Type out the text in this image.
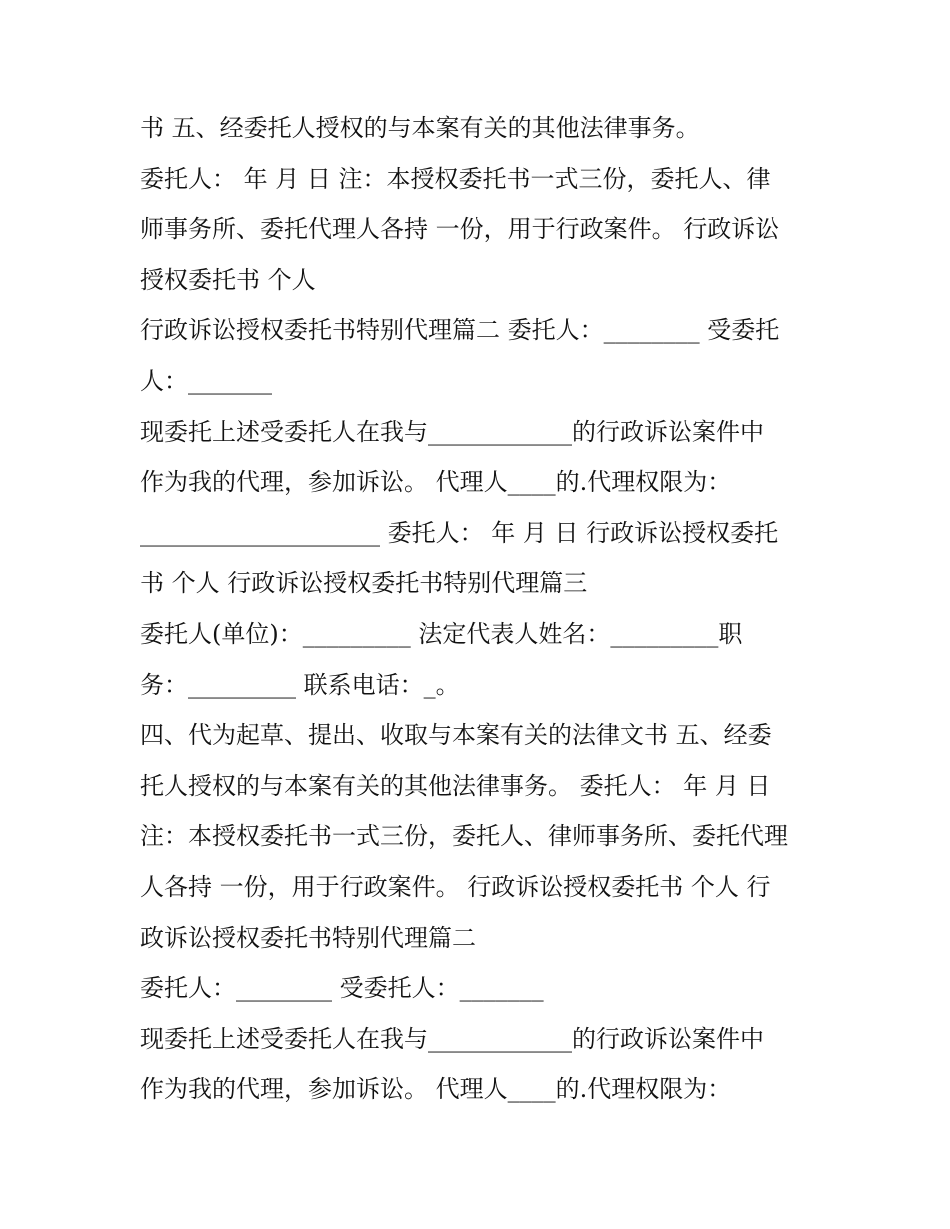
书 五、经委托人授权的与本案有关的其他法律事务。
委托人： 年 月 日 注：本授权委托书一式三份，委托人、律
师事务所、委托代理人各持 一份，用于行政案件。 行政诉讼
授权委托书 个人
行政诉讼授权委托书特别代理篇二 委托人：________ 受委托
人：_______
现委托上述受委托人在我与____________的行政诉讼案件中
作为我的代理，参加诉讼。 代理人____的.代理权限为：
____________________ 委托人： 年 月 日 行政诉讼授权委托
书 个人 行政诉讼授权委托书特别代理篇三
委托人(单位)：_________ 法定代表人姓名：_________职
务：_________ 联系电话：_。
四、代为起草、提出、收取与本案有关的法律文书 五、经委
托人授权的与本案有关的其他法律事务。 委托人： 年 月 日
注：本授权委托书一式三份，委托人、律师事务所、委托代理
人各持 一份，用于行政案件。 行政诉讼授权委托书 个人 行
政诉讼授权委托书特别代理篇二
委托人：________ 受委托人：_______
现委托上述受委托人在我与____________的行政诉讼案件中
作为我的代理，参加诉讼。 代理人____的.代理权限为：
